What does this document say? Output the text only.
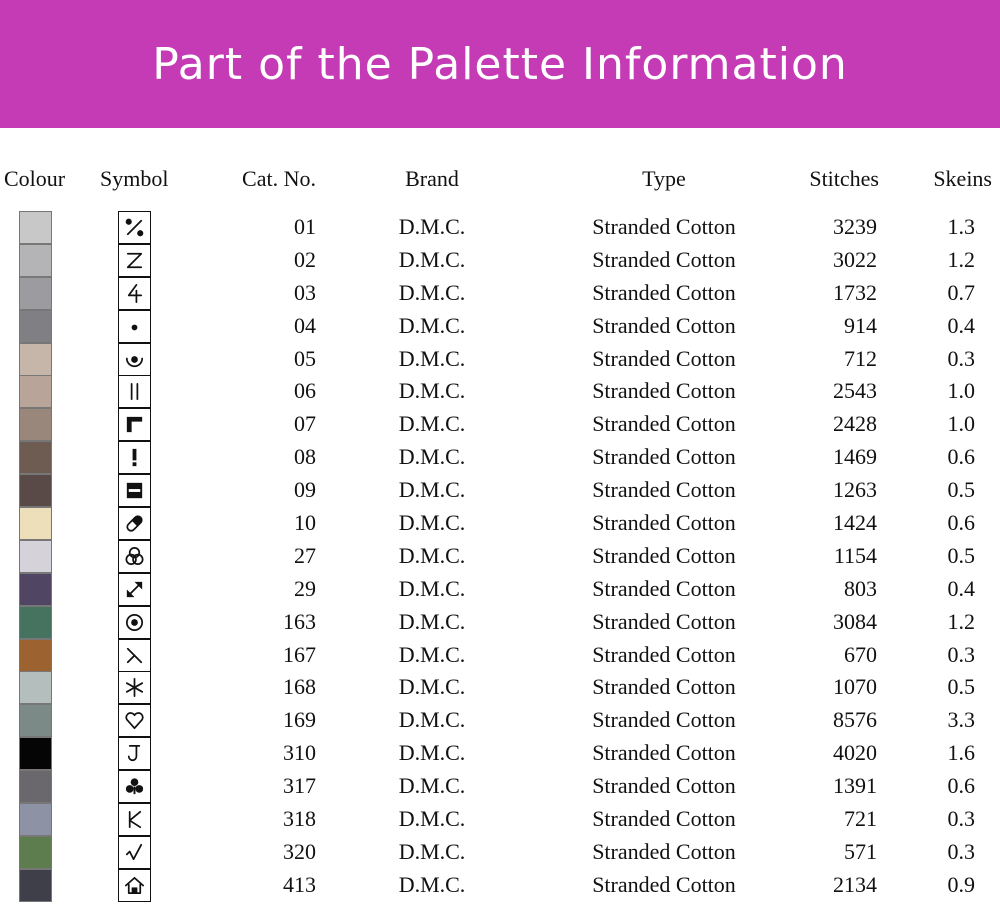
Part of the Palette Information
Colour Symbol	Cat. No.	Brand	Type	Stitches	Skeins
01	D.M.C.	Stranded Cotton	3239	1.3
02	D.M.C.	Stranded Cotton	3022	1.2
03	D.M.C.	Stranded Cotton	1732	0.7
04	D.M.C.	Stranded Cotton	914	0.4
05	D.M.C.	Stranded Cotton	712	0.3
06	D.M.C.	Stranded Cotton	2543	1.0
07	D.M.C.	Stranded Cotton	2428	1.0
08	D.M.C.	Stranded Cotton	1469	0.6
09	D.M.C.	Stranded Cotton	1263	0.5
10	D.M.C.	Stranded Cotton	1424	0.6
27	D.M.C.	Stranded Cotton	1154	0.5
29	D.M.C.	Stranded Cotton	803	0.4
163	D.M.C.	Stranded Cotton	3084	1.2
167	D.M.C.	Stranded Cotton	670	0.3
168	D.M.C.	Stranded Cotton	1070	0.5
169	D.M.C.	Stranded Cotton	8576	3.3
310	D.M.C.	Stranded Cotton	4020	1.6
317	D.M.C.	Stranded Cotton	1391	0.6
318	D.M.C.	Stranded Cotton	721	0.3
320	D.M.C.	Stranded Cotton	571	0.3
413	D.M.C.	Stranded Cotton	2134	0.9
